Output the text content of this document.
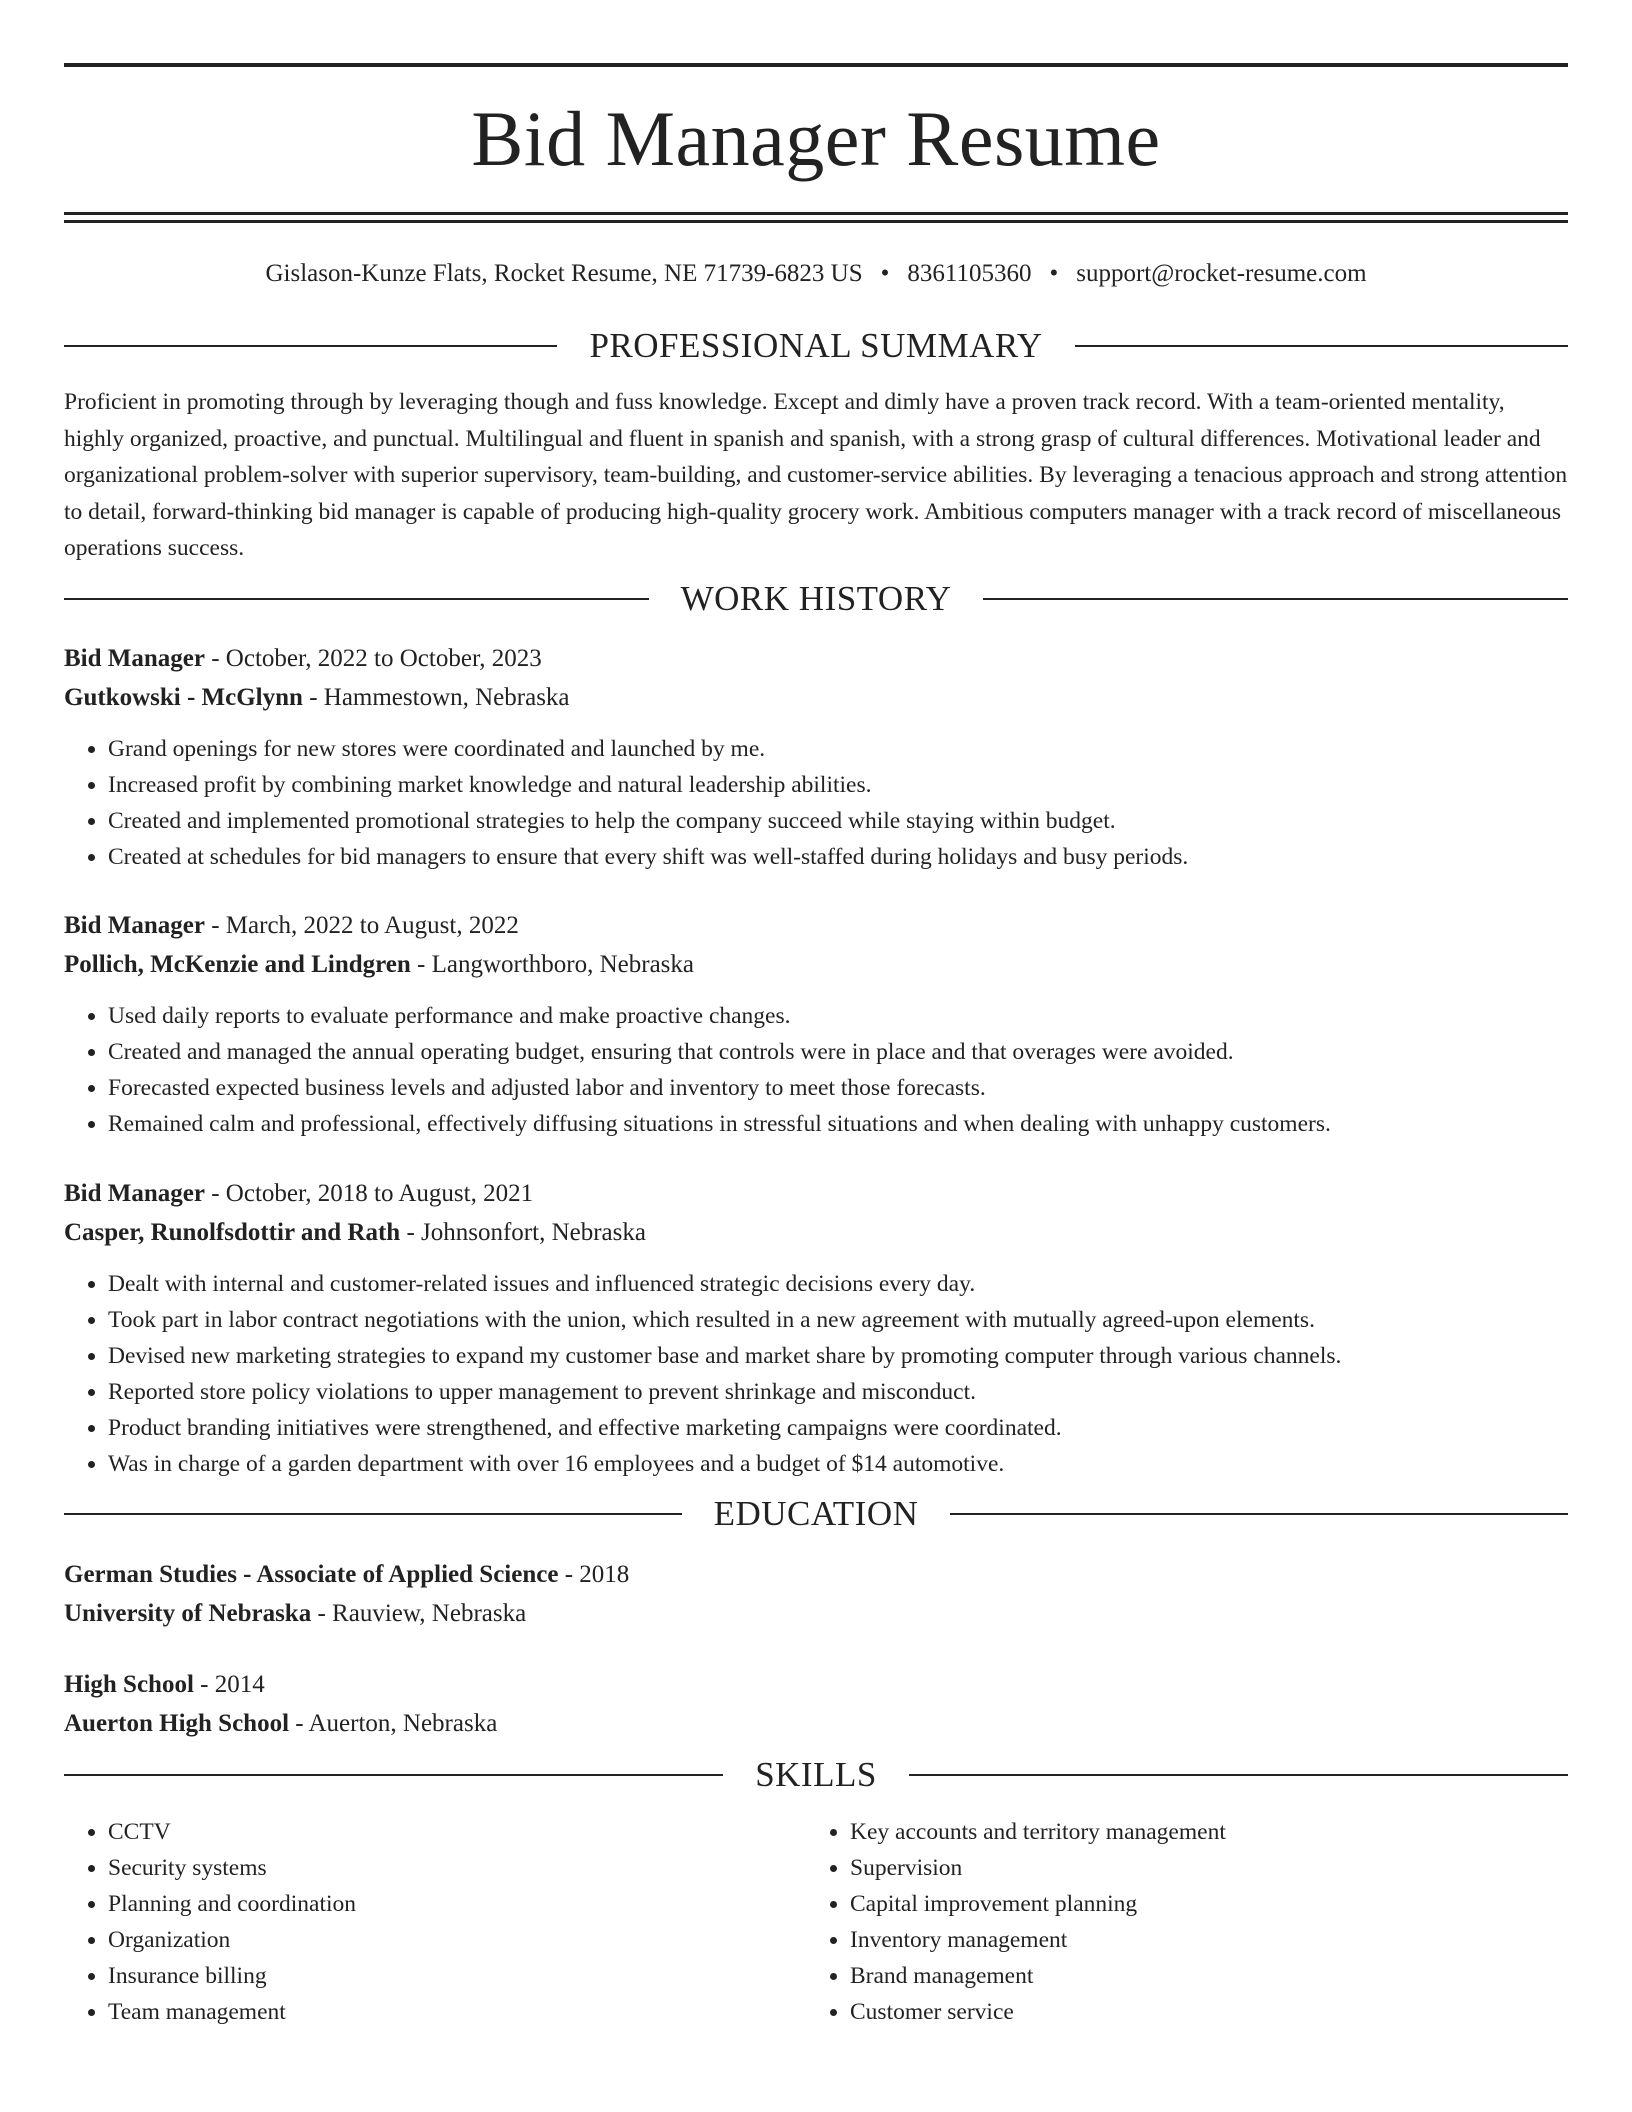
Bid Manager Resume
Gislason-Kunze Flats, Rocket Resume, NE 71739-6823 US • 8361105360 • support@rocket-resume.com
PROFESSIONAL SUMMARY

Proficient in promoting through by leveraging though and fuss knowledge. Except and dimly have a proven track record. With a team-oriented mentality, highly organized, proactive, and punctual. Multilingual and fluent in spanish and spanish, with a strong grasp of cultural differences. Motivational leader and organizational problem-solver with superior supervisory, team-building, and customer-service abilities. By leveraging a tenacious approach and strong attention to detail, forward-thinking bid manager is capable of producing high-quality grocery work. Ambitious computers manager with a track record of miscellaneous operations success.

WORK HISTORY
Bid Manager - October, 2022 to October, 2023
Gutkowski - McGlynn - Hammestown, Nebraska
• Grand openings for new stores were coordinated and launched by me.
• Increased profit by combining market knowledge and natural leadership abilities.
• Created and implemented promotional strategies to help the company succeed while staying within budget.
• Created at schedules for bid managers to ensure that every shift was well-staffed during holidays and busy periods.
Bid Manager - March, 2022 to August, 2022
Pollich, McKenzie and Lindgren - Langworthboro, Nebraska
• Used daily reports to evaluate performance and make proactive changes.
• Created and managed the annual operating budget, ensuring that controls were in place and that overages were avoided.
• Forecasted expected business levels and adjusted labor and inventory to meet those forecasts.
• Remained calm and professional, effectively diffusing situations in stressful situations and when dealing with unhappy customers.
Bid Manager - October, 2018 to August, 2021
Casper, Runolfsdottir and Rath - Johnsonfort, Nebraska
• Dealt with internal and customer-related issues and influenced strategic decisions every day.
• Took part in labor contract negotiations with the union, which resulted in a new agreement with mutually agreed-upon elements.
• Devised new marketing strategies to expand my customer base and market share by promoting computer through various channels.
• Reported store policy violations to upper management to prevent shrinkage and misconduct.
• Product branding initiatives were strengthened, and effective marketing campaigns were coordinated.
• Was in charge of a garden department with over 16 employees and a budget of $14 automotive.
EDUCATION
German Studies - Associate of Applied Science - 2018
University of Nebraska - Rauview, Nebraska
High School - 2014
Auerton High School - Auerton, Nebraska
SKILLS
• CCTV
• Security systems
• Planning and coordination
• Organization
• Insurance billing
• Team management
• Key accounts and territory management
• Supervision
• Capital improvement planning
• Inventory management
• Brand management
• Customer service
